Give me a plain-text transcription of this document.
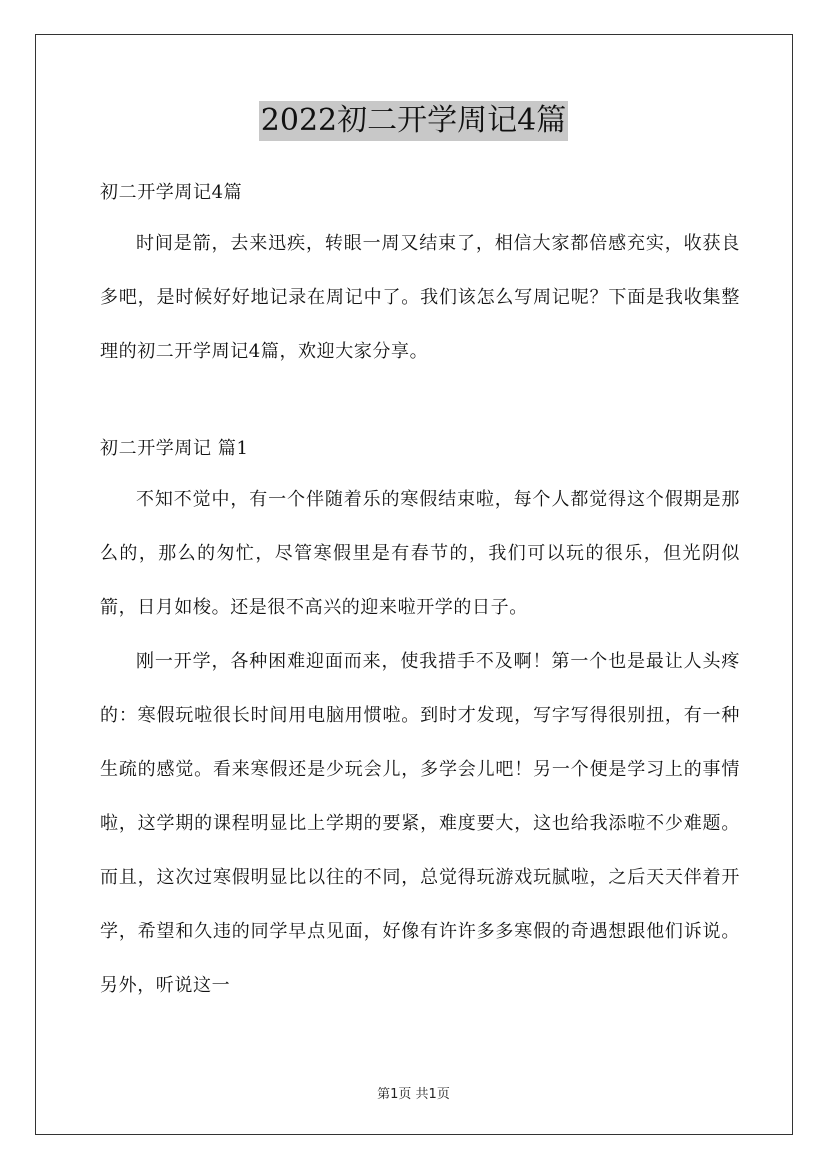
2022初二开学周记4篇

初二开学周记4篇

时间是箭，去来迅疾，转眼一周又结束了，相信大家都倍感充实，收获良多吧，是时候好好地记录在周记中了。我们该怎么写周记呢？下面是我收集整理的初二开学周记4篇，欢迎大家分享。

初二开学周记 篇1

不知不觉中，有一个伴随着乐的寒假结束啦，每个人都觉得这个假期是那么的，那么的匆忙，尽管寒假里是有春节的，我们可以玩的很乐，但光阴似箭，日月如梭。还是很不高兴的迎来啦开学的日子。

刚一开学，各种困难迎面而来，使我措手不及啊！第一个也是最让人头疼的：寒假玩啦很长时间用电脑用惯啦。到时才发现，写字写得很别扭，有一种生疏的感觉。看来寒假还是少玩会儿，多学会儿吧！另一个便是学习上的事情啦，这学期的课程明显比上学期的要紧，难度要大，这也给我添啦不少难题。而且，这次过寒假明显比以往的不同，总觉得玩游戏玩腻啦，之后天天伴着开学，希望和久违的同学早点见面，好像有许许多多寒假的奇遇想跟他们诉说。另外，听说这一

第1页 共1页
